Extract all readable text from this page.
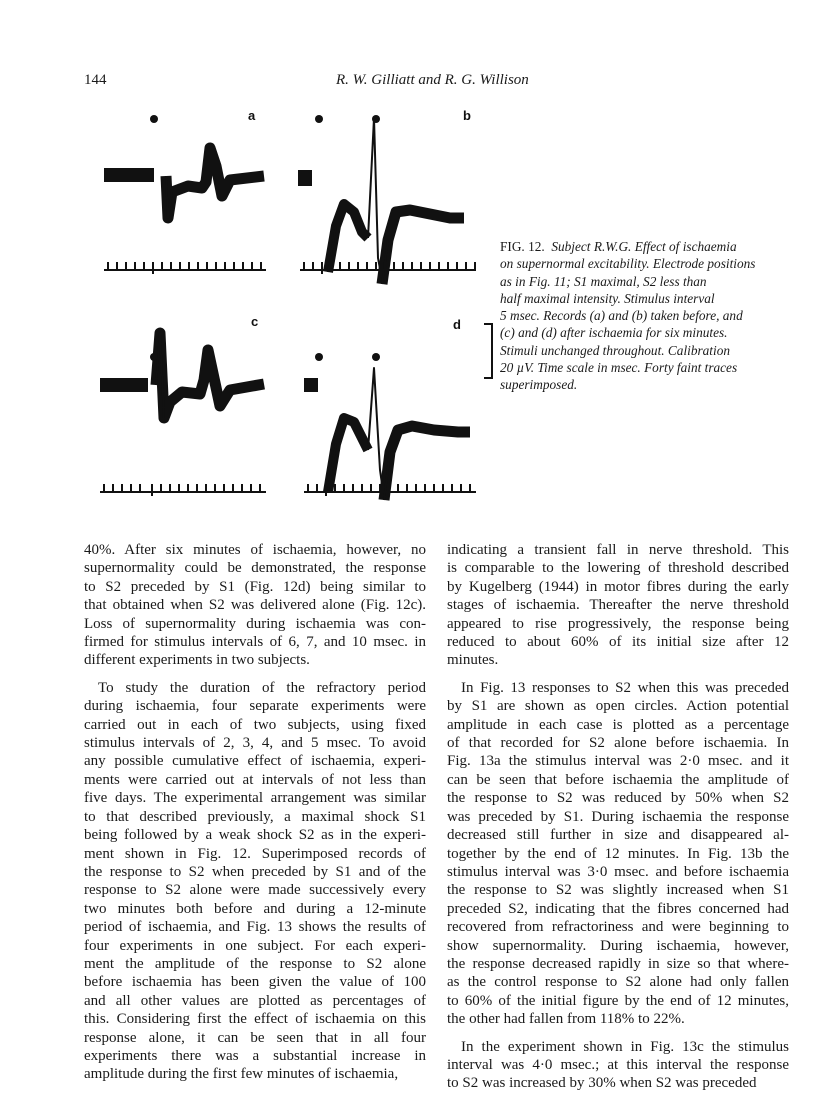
144	R. W. Gilliatt and R. G. Willison
a	b
c	d
FIG. 12. Subject R.W.G. Effect of ischaemia
on supernormal excitability. Electrode positions
as in Fig. 11; S1 maximal, S2 less than
half maximal intensity. Stimulus interval
5 msec. Records (a) and (b) taken before, and
(c) and (d) after ischaemia for six minutes.
Stimuli unchanged throughout. Calibration
20 µV. Time scale in msec. Forty faint traces
superimposed.

40%. After six minutes of ischaemia, however, no
supernormality could be demonstrated, the response
to S2 preceded by S1 (Fig. 12d) being similar to
that obtained when S2 was delivered alone (Fig. 12c).
Loss of supernormality during ischaemia was con-
firmed for stimulus intervals of 6, 7, and 10 msec. in
different experiments in two subjects.

To study the duration of the refractory period
during ischaemia, four separate experiments were
carried out in each of two subjects, using fixed
stimulus intervals of 2, 3, 4, and 5 msec. To avoid
any possible cumulative effect of ischaemia, experi-
ments were carried out at intervals of not less than
five days. The experimental arrangement was similar
to that described previously, a maximal shock S1
being followed by a weak shock S2 as in the experi-
ment shown in Fig. 12. Superimposed records of
the response to S2 when preceded by S1 and of the
response to S2 alone were made successively every
two minutes both before and during a 12-minute
period of ischaemia, and Fig. 13 shows the results of
four experiments in one subject. For each experi-
ment the amplitude of the response to S2 alone
before ischaemia has been given the value of 100
and all other values are plotted as percentages of
this. Considering first the effect of ischaemia on this
response alone, it can be seen that in all four
experiments there was a substantial increase in
amplitude during the first few minutes of ischaemia,

indicating a transient fall in nerve threshold. This
is comparable to the lowering of threshold described
by Kugelberg (1944) in motor fibres during the early
stages of ischaemia. Thereafter the nerve threshold
appeared to rise progressively, the response being
reduced to about 60% of its initial size after 12
minutes.

In Fig. 13 responses to S2 when this was preceded
by S1 are shown as open circles. Action potential
amplitude in each case is plotted as a percentage
of that recorded for S2 alone before ischaemia. In
Fig. 13a the stimulus interval was 2·0 msec. and it
can be seen that before ischaemia the amplitude of
the response to S2 was reduced by 50% when S2
was preceded by S1. During ischaemia the response
decreased still further in size and disappeared al-
together by the end of 12 minutes. In Fig. 13b the
stimulus interval was 3·0 msec. and before ischaemia
the response to S2 was slightly increased when S1
preceded S2, indicating that the fibres concerned had
recovered from refractoriness and were beginning to
show supernormality. During ischaemia, however,
the response decreased rapidly in size so that where-
as the control response to S2 alone had only fallen
to 60% of the initial figure by the end of 12 minutes,
the other had fallen from 118% to 22%.

In the experiment shown in Fig. 13c the stimulus
interval was 4·0 msec.; at this interval the response
to S2 was increased by 30% when S2 was preceded
